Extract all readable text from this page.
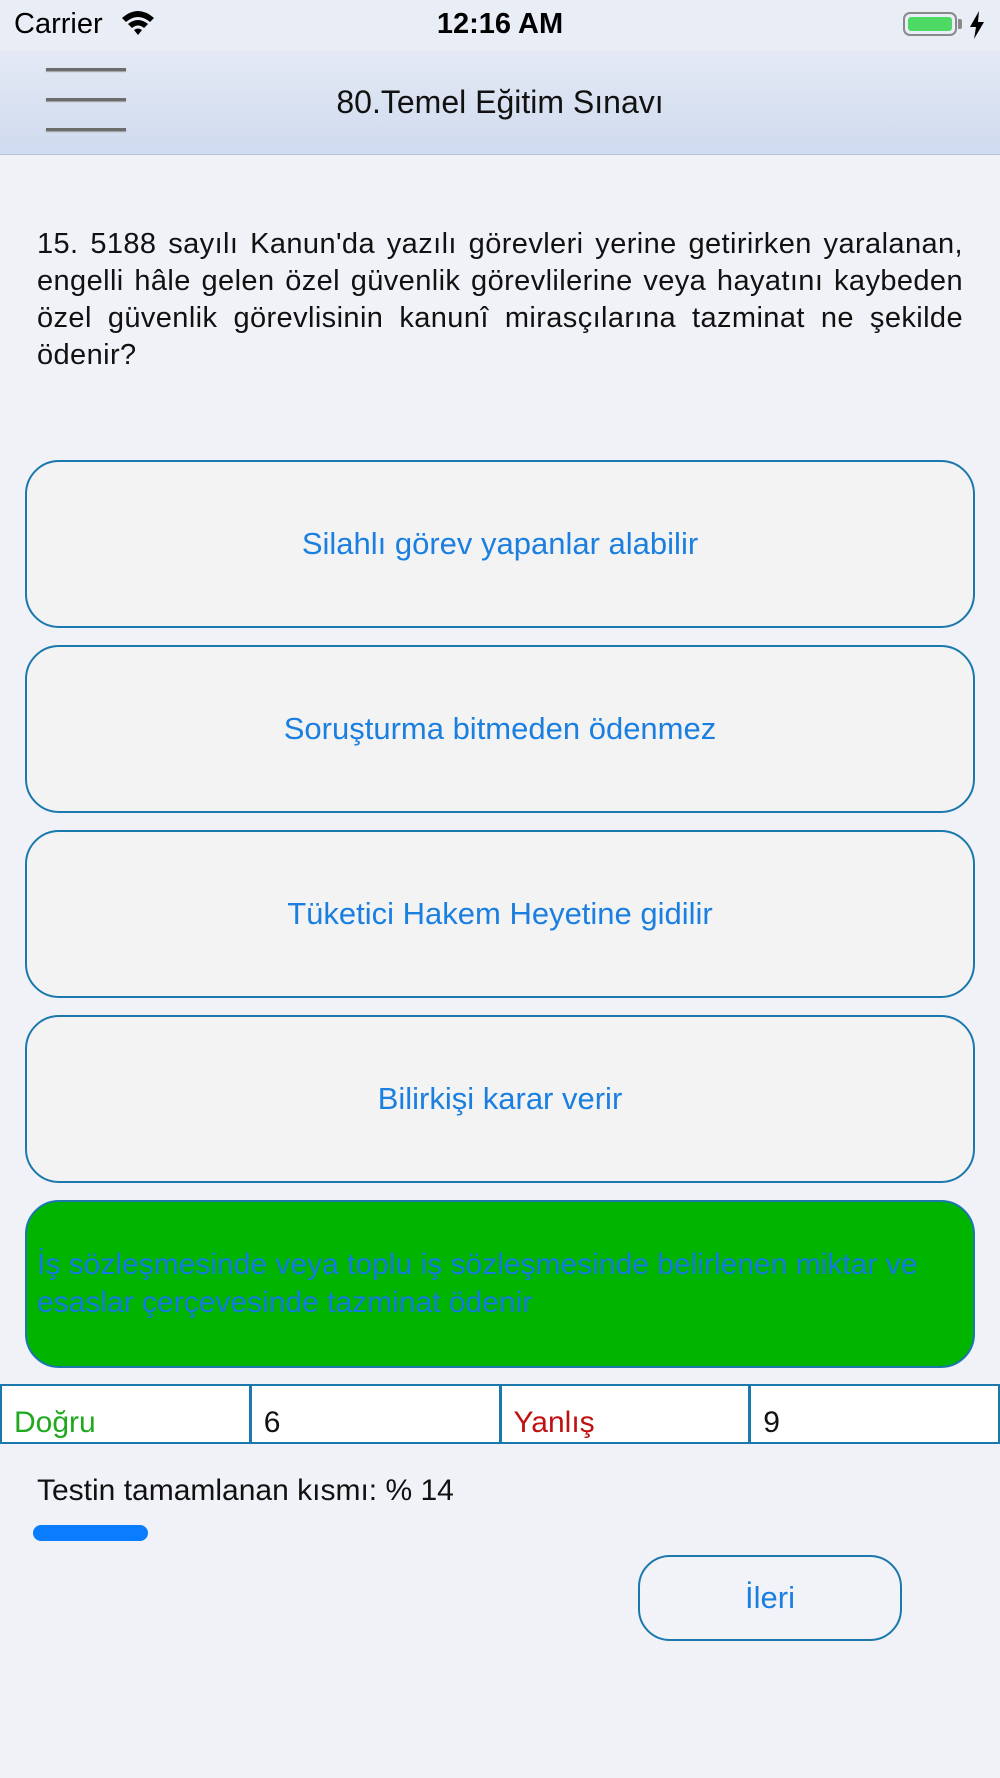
Carrier	12:16 AM
80.Temel Eğitim Sınavı
15. 5188 sayılı Kanun'da yazılı görevleri yerine getirirken yaralanan, engelli hâle gelen özel güvenlik görevlilerine veya hayatını kaybeden özel güvenlik görevlisinin kanunî mirasçılarına tazminat ne şekilde ödenir?
Silahlı görev yapanlar alabilir
Soruşturma bitmeden ödenmez
Tüketici Hakem Heyetine gidilir
Bilirkişi karar verir
İş sözleşmesinde veya toplu iş sözleşmesinde belirlenen miktar ve esaslar çerçevesinde tazminat ödenir
Doğru	6	Yanlış	9
Testin tamamlanan kısmı: % 14
İleri
